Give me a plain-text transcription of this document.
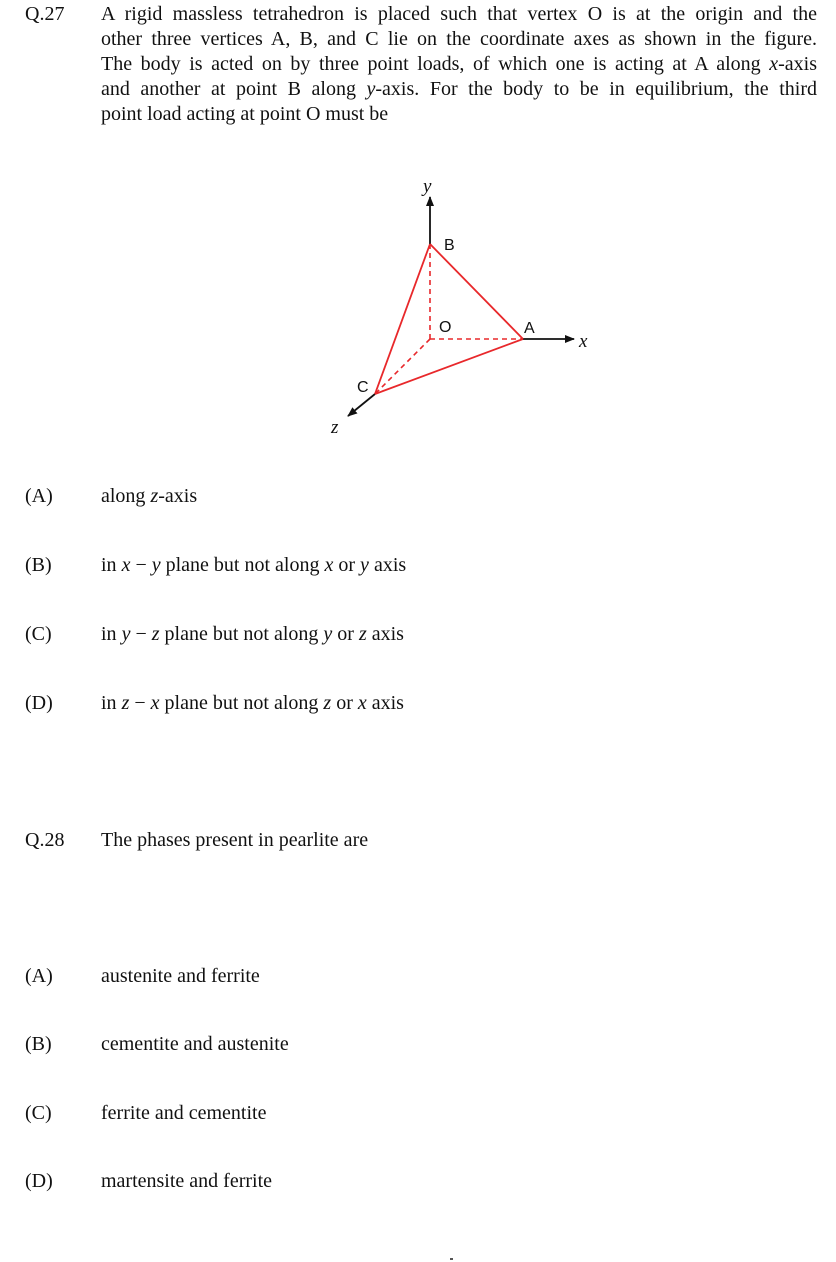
Q.27 A rigid massless tetrahedron is placed such that vertex O is at the origin and the
other three vertices A, B, and C lie on the coordinate axes as shown in the figure.
The body is acted on by three point loads, of which one is acting at A along x-axis
and another at point B along y-axis. For the body to be in equilibrium, the third
point load acting at point O must be
y
x
z
B
A
C
O
(A) along z-axis
(B) in x − y plane but not along x or y axis
(C) in y − z plane but not along y or z axis
(D) in z − x plane but not along z or x axis
Q.28 The phases present in pearlite are
(A) austenite and ferrite
(B) cementite and austenite
(C) ferrite and cementite
(D) martensite and ferrite
